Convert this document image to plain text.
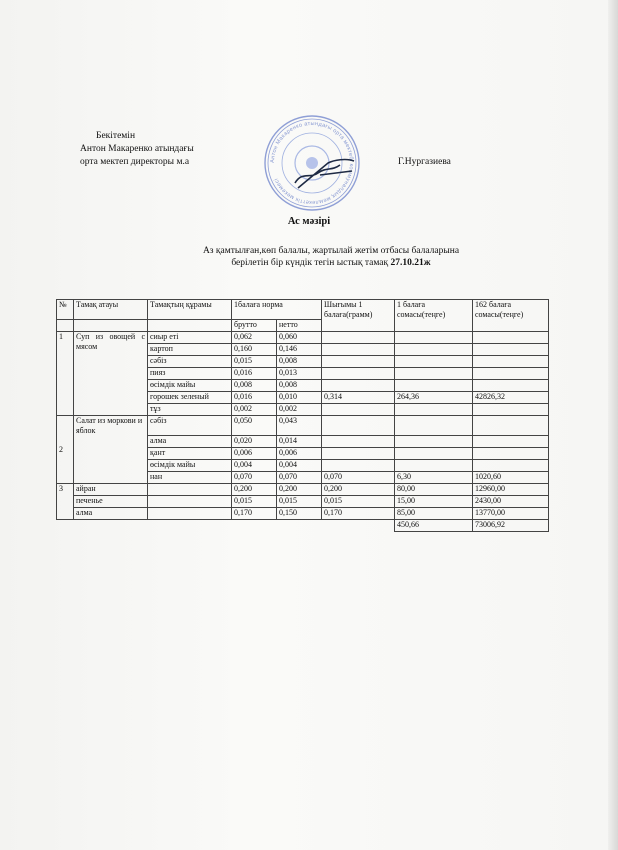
Бекітемін
Антон Макаренко атындағы
орта мектеп директоры м.а	Г.Нургазиева
Антон Макаренко атындағы орта мектебі коммуналдық мемлекеттік мекемесі
Ас мәзірі
Аз қамтылған,көп балалы, жартылай жетім отбасы балаларына
берілетін бір күндік тегін ыстық тамақ 27.10.21ж
№	Тамақ атауы	Тамақтың құрамы	1балаға норма		Шығымы 1 балаға(грамм)	1 балаға сомасы(теңге)	162 балаға сомасы(теңге)
			брутто	нетто			
1	Суп из овощей с мясом	сиыр еті	0,062	0,060			
		картоп	0,160	0,146			
		сәбіз	0,015	0,008			
		пияз	0,016	0,013			
		өсімдік майы	0,008	0,008			
		горошек зеленый	0,016	0,010	0,314	264,36	42826,32
		тұз	0,002	0,002			
2	Салат из моркови и яблок	сәбіз	0,050	0,043			
		алма	0,020	0,014			
		қант	0,006	0,006			
		өсімдік майы	0,004	0,004			
		нан	0,070	0,070	0,070	6,30	1020,60
3	айран		0,200	0,200	0,200	80,00	12960,00
	печенье		0,015	0,015	0,015	15,00	2430,00
	алма		0,170	0,150	0,170	85,00	13770,00
						450,66	73006,92
